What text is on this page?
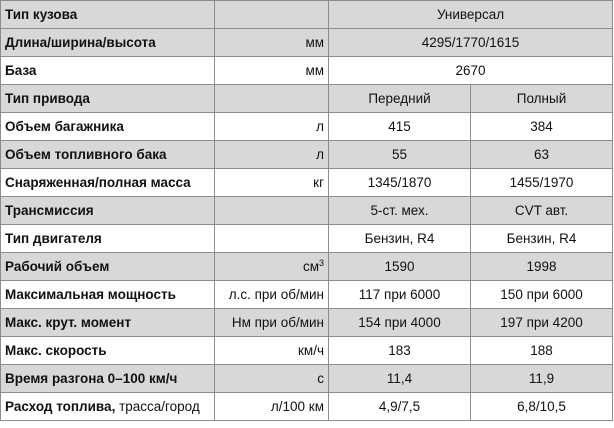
Тип кузова		Универсал	
Длина/ширина/высота	мм	4295/1770/1615	
База	мм	2670	
Тип привода		Передний	Полный
Объем багажника	л	415	384
Объем топливного бака	л	55	63
Снаряженная/полная масса	кг	1345/1870	1455/1970
Трансмиссия		5-ст. мех.	CVT авт.
Тип двигателя		Бензин, R4	Бензин, R4
Рабочий объем	$см^3$	1590	1998
Максимальная мощность	л.с. при об/мин	117 при 6000	150 при 6000
Макс. крут. момент	Нм при об/мин	154 при 4000	197 при 4200
Макс. скорость	км/ч	183	188
Время разгона 0–100 км/ч	с	11,4	11,9
Расход топлива, трасса/город	л/100 км	4,9/7,5	6,8/10,5
